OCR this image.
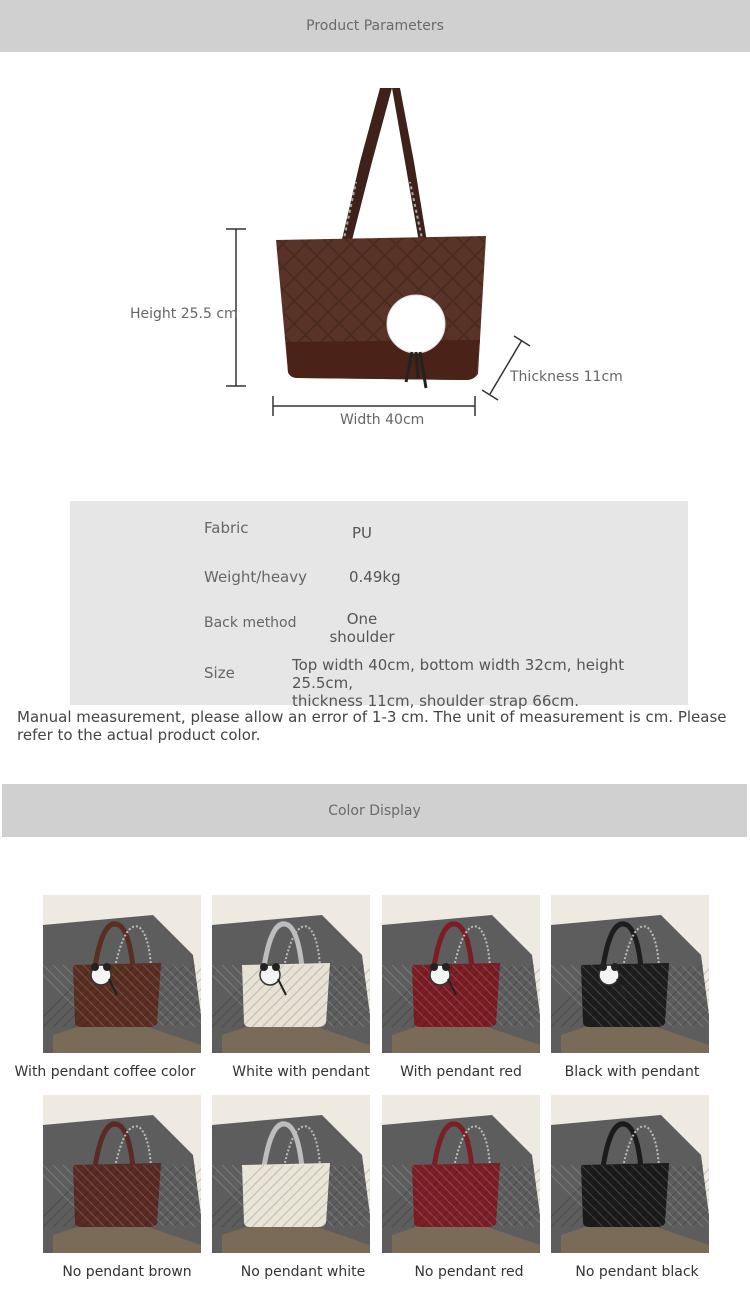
Product Parameters
Height 25.5 cm
Width 40cm
Thickness 11cm
Fabric	PU
Weight/heavy	0.49kg
Back method	One
shoulder
Size	Top width 40cm, bottom width 32cm, height 25.5cm,
thickness 11cm, shoulder strap 66cm.
Manual measurement, please allow an error of 1-3 cm. The unit of measurement is cm. Please
refer to the actual product color.
Color Display
With pendant coffee color	White with pendant	With pendant red	Black with pendant
No pendant brown	No pendant white	No pendant red	No pendant black
